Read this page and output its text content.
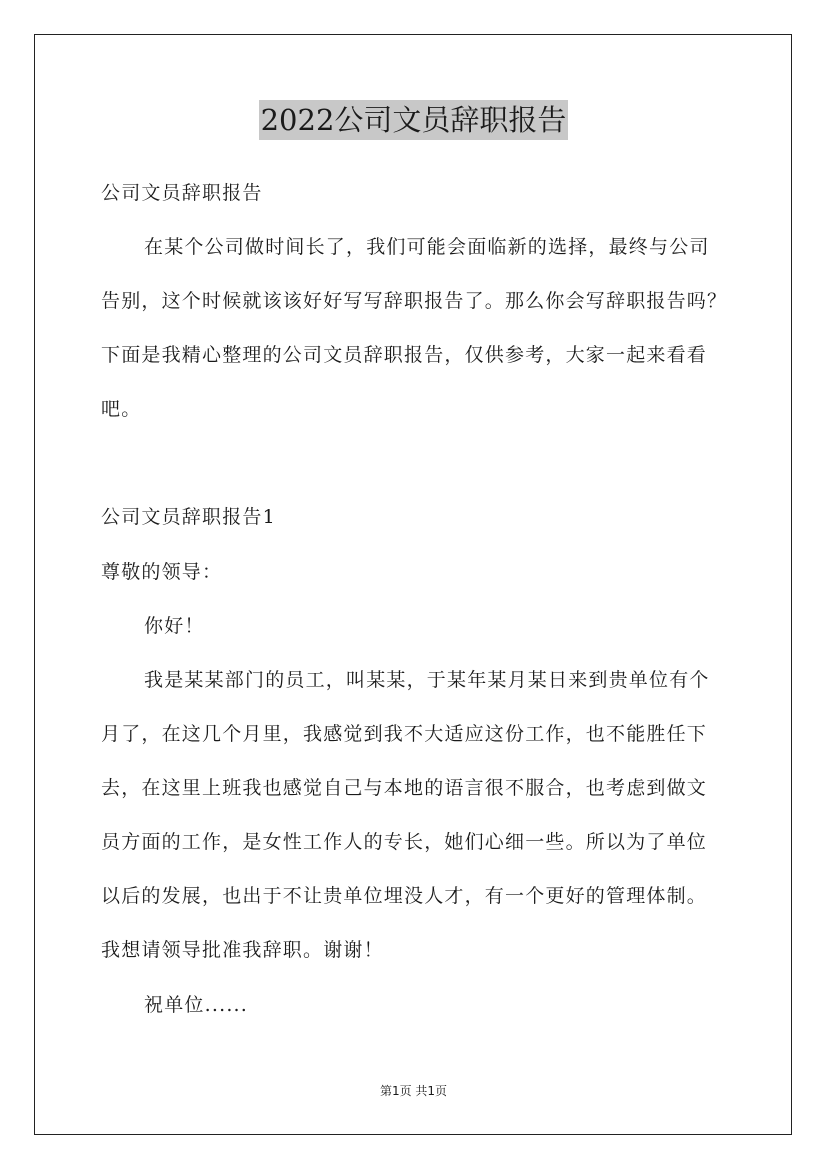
2022公司文员辞职报告
公司文员辞职报告
在某个公司做时间长了，我们可能会面临新的选择，最终与公司
告别，这个时候就该该好好写写辞职报告了。那么你会写辞职报告吗？
下面是我精心整理的公司文员辞职报告，仅供参考，大家一起来看看
吧。
公司文员辞职报告1
尊敬的领导：
你好！
我是某某部门的员工，叫某某，于某年某月某日来到贵单位有个
月了，在这几个月里，我感觉到我不大适应这份工作，也不能胜任下
去，在这里上班我也感觉自己与本地的语言很不服合，也考虑到做文
员方面的工作，是女性工作人的专长，她们心细一些。所以为了单位
以后的发展，也出于不让贵单位埋没人才，有一个更好的管理体制。
我想请领导批准我辞职。谢谢！
祝单位......
第1页 共1页
